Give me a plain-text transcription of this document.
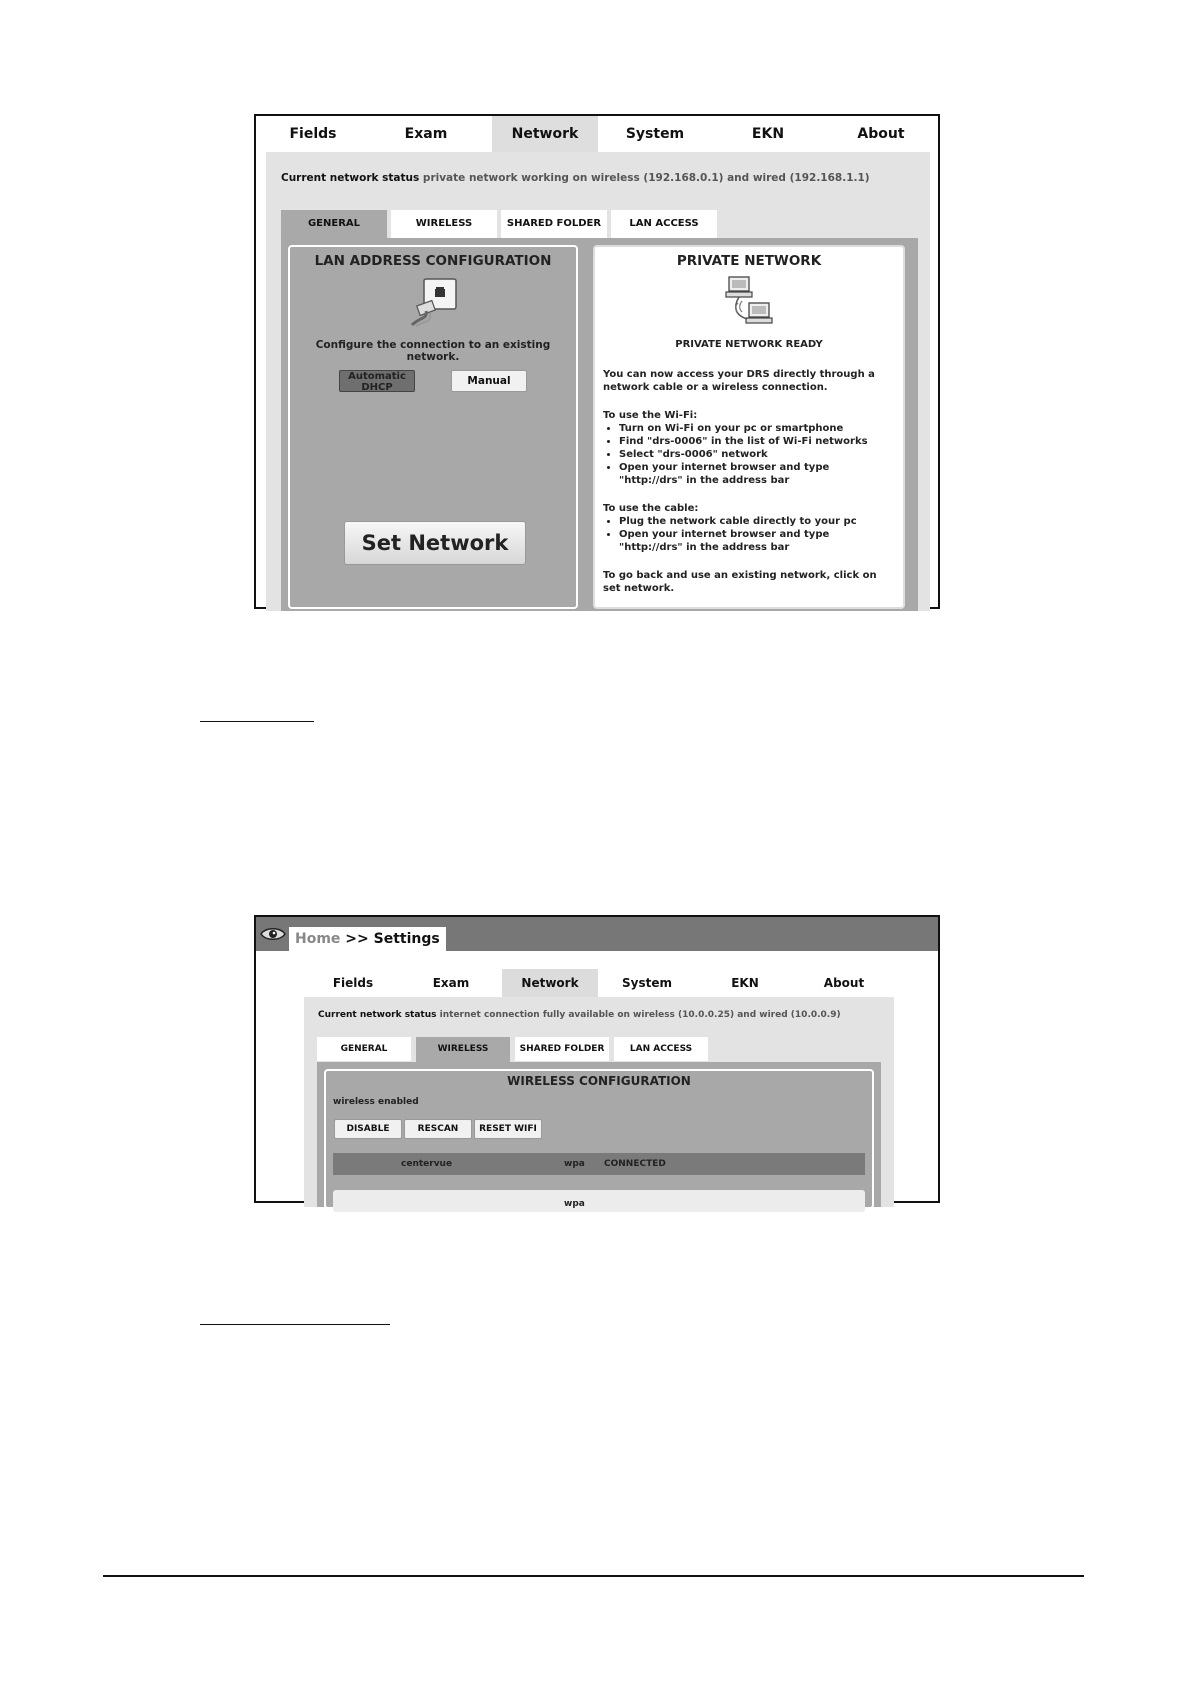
Fields	Exam	Network	System	EKN	About
Current network status private network working on wireless (192.168.0.1) and wired (192.168.1.1)
GENERAL	WIRELESS	SHARED FOLDER	LAN ACCESS
LAN ADDRESS CONFIGURATION
Configure the connection to an existing network.
Automatic DHCP
Manual
Set Network
PRIVATE NETWORK
PRIVATE NETWORK READY

You can now access your DRS directly through a network cable or a wireless connection.

To use the Wi-Fi:
• Turn on Wi-Fi on your pc or smartphone
• Find "drs-0006" in the list of Wi-Fi networks
• Select "drs-0006" network
• Open your internet browser and type "http://drs" in the address bar
To use the cable:
• Plug the network cable directly to your pc
• Open your internet browser and type "http://drs" in the address bar

To go back and use an existing network, click on set network.

Home >> Settings
Fields	Exam	Network	System	EKN	About
Current network status internet connection fully available on wireless (10.0.0.25) and wired (10.0.0.9)
GENERAL	WIRELESS	SHARED FOLDER	LAN ACCESS
WIRELESS CONFIGURATION
wireless enabled
DISABLE	RESCAN	RESET WIFI
centervue	wpa CONNECTED
wpa
